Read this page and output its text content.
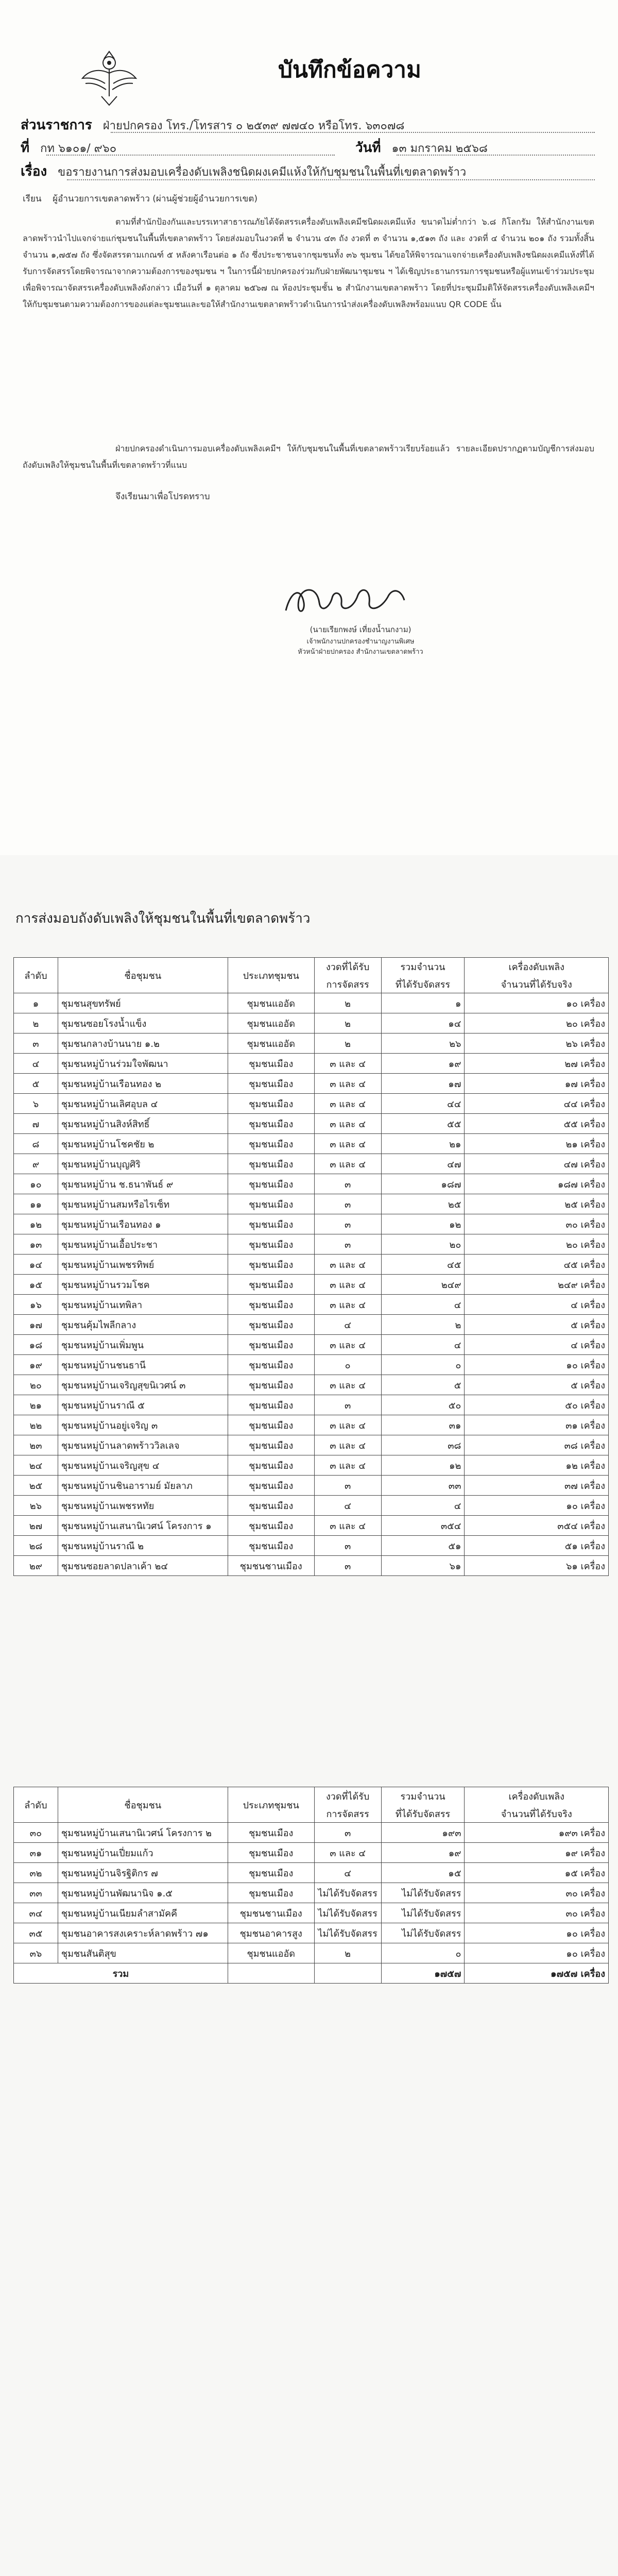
บันทึกข้อความ
ส่วนราชการ ฝ่ายปกครอง โทร./โทรสาร ๐ ๒๕๓๙ ๗๗๔๐ หรือโทร. ๖๓๐๗๘
ที่ กท ๖๑๐๑/ ๙๖๐	วันที่ ๑๓ มกราคม ๒๕๖๘
เรื่อง ขอรายงานการส่งมอบเครื่องดับเพลิงชนิดผงเคมีแห้งให้กับชุมชนในพื้นที่เขตลาดพร้าว
เรียน ผู้อำนวยการเขตลาดพร้าว (ผ่านผู้ช่วยผู้อำนวยการเขต)
ตามที่สำนักป้องกันและบรรเทาสาธารณภัยได้จัดสรรเครื่องดับเพลิงเคมีชนิดผงเคมีแห้ง ขนาดไม่ต่ำกว่า ๖.๘ กิโลกรัม ให้สำนักงานเขตลาดพร้าวนำไปแจกจ่ายแก่ชุมชนในพื้นที่เขตลาดพร้าว โดยส่งมอบในงวดที่ ๒ จำนวน ๔๓ ถัง งวดที่ ๓ จำนวน ๑,๕๑๓ ถัง และ งวดที่ ๔ จำนวน ๒๐๑ ถัง รวมทั้งสิ้น จำนวน ๑,๗๕๗ ถัง ซึ่งจัดสรรตามเกณฑ์ ๕ หลังคาเรือนต่อ ๑ ถัง ซึ่งประชาชนจากชุมชนทั้ง ๓๖ ชุมชน ได้ขอให้พิจารณาแจกจ่ายเครื่องดับเพลิงชนิดผงเคมีแห้งที่ได้รับการจัดสรรโดยพิจารณาจากความต้องการของชุมชน ฯ ในการนี้ฝ่ายปกครองร่วมกับฝ่ายพัฒนาชุมชน ฯ ได้เชิญประธานกรรมการชุมชนหรือผู้แทนเข้าร่วมประชุมเพื่อพิจารณาจัดสรรเครื่องดับเพลิงดังกล่าว เมื่อวันที่ ๑ ตุลาคม ๒๕๖๗ ณ ห้องประชุมชั้น ๒ สำนักงานเขตลาดพร้าว โดยที่ประชุมมีมติให้จัดสรรเครื่องดับเพลิงเคมีฯ ให้กับชุมชนตามความต้องการของแต่ละชุมชนและขอให้สำนักงานเขตลาดพร้าวดำเนินการนำส่งเครื่องดับเพลิงพร้อมแนบ QR CODE นั้น
ฝ่ายปกครองดำเนินการมอบเครื่องดับเพลิงเคมีฯ ให้กับชุมชนในพื้นที่เขตลาดพร้าวเรียบร้อยแล้ว รายละเอียดปรากฏตามบัญชีการส่งมอบถังดับเพลิงให้ชุมชนในพื้นที่เขตลาดพร้าวที่แนบ
จึงเรียนมาเพื่อโปรดทราบ
(นายเรียกพงษ์ เที่ยงน้ำนกงาม)
เจ้าพนักงานปกครองชำนาญงานพิเศษ
หัวหน้าฝ่ายปกครอง สำนักงานเขตลาดพร้าว
การส่งมอบถังดับเพลิงให้ชุมชนในพื้นที่เขตลาดพร้าว
ลำดับ	ชื่อชุมชน	ประเภทชุมชน	งวดที่ได้รับ	รวมจำนวน	เครื่องดับเพลิง
			การจัดสรร	ที่ได้รับจัดสรร	จำนวนที่ได้รับจริง
๑	ชุมชนสุขทรัพย์	ชุมชนแออัด	๒	๑	๑๐ เครื่อง
๒	ชุมชนซอยโรงน้ำแข็ง	ชุมชนแออัด	๒	๑๔	๒๐ เครื่อง
๓	ชุมชนกลางบ้านนาย ๑.๒	ชุมชนแออัด	๒	๒๖	๒๖ เครื่อง
๔	ชุมชนหมู่บ้านร่วมใจพัฒนา	ชุมชนเมือง	๓ และ ๔	๑๙	๒๗ เครื่อง
๕	ชุมชนหมู่บ้านเรือนทอง ๒	ชุมชนเมือง	๓ และ ๔	๑๗	๑๗ เครื่อง
๖	ชุมชนหมู่บ้านเลิศอุบล ๔	ชุมชนเมือง	๓ และ ๔	๔๔	๔๔ เครื่อง
๗	ชุมชนหมู่บ้านสิงห์สิทธิ์	ชุมชนเมือง	๓ และ ๔	๕๕	๕๕ เครื่อง
๘	ชุมชนหมู่บ้านโชคชัย ๒	ชุมชนเมือง	๓ และ ๔	๒๑	๒๑ เครื่อง
๙	ชุมชนหมู่บ้านบุญศิริ	ชุมชนเมือง	๓ และ ๔	๔๗	๔๗ เครื่อง
๑๐	ชุมชนหมู่บ้าน ช.ธนาพันธ์ ๙	ชุมชนเมือง	๓	๑๘๗	๑๘๗ เครื่อง
๑๑	ชุมชนหมู่บ้านสมหรือไรเซ็ท	ชุมชนเมือง	๓	๒๕	๒๕ เครื่อง
๑๒	ชุมชนหมู่บ้านเรือนทอง ๑	ชุมชนเมือง	๓	๑๒	๓๐ เครื่อง
๑๓	ชุมชนหมู่บ้านเอื้อประชา	ชุมชนเมือง	๓	๒๐	๒๐ เครื่อง
๑๔	ชุมชนหมู่บ้านเพชรทิพย์	ชุมชนเมือง	๓ และ ๔	๔๕	๔๕ เครื่อง
๑๕	ชุมชนหมู่บ้านรวมโชค	ชุมชนเมือง	๓ และ ๔	๒๔๙	๒๔๙ เครื่อง
๑๖	ชุมชนหมู่บ้านเทพิลา	ชุมชนเมือง	๓ และ ๔	๔	๔ เครื่อง
๑๗	ชุมชนคุ้มไพลีกลาง	ชุมชนเมือง	๔	๒	๕ เครื่อง
๑๘	ชุมชนหมู่บ้านเพิ่มพูน	ชุมชนเมือง	๓ และ ๔	๔	๔ เครื่อง
๑๙	ชุมชนหมู่บ้านชนธานี	ชุมชนเมือง	๐	๐	๑๐ เครื่อง
๒๐	ชุมชนหมู่บ้านเจริญสุขนิเวศน์ ๓	ชุมชนเมือง	๓ และ ๔	๕	๕ เครื่อง
๒๑	ชุมชนหมู่บ้านราณี ๕	ชุมชนเมือง	๓	๕๐	๕๐ เครื่อง
๒๒	ชุมชนหมู่บ้านอยู่เจริญ ๓	ชุมชนเมือง	๓ และ ๔	๓๑	๓๑ เครื่อง
๒๓	ชุมชนหมู่บ้านลาดพร้าววิลเลจ	ชุมชนเมือง	๓ และ ๔	๓๘	๓๘ เครื่อง
๒๔	ชุมชนหมู่บ้านเจริญสุข ๔	ชุมชนเมือง	๓ และ ๔	๑๒	๑๒ เครื่อง
๒๕	ชุมชนหมู่บ้านชินอารามย์ มัยลาภ	ชุมชนเมือง	๓	๓๓	๓๗ เครื่อง
๒๖	ชุมชนหมู่บ้านเพชรหทัย	ชุมชนเมือง	๔	๔	๑๐ เครื่อง
๒๗	ชุมชนหมู่บ้านเสนานิเวศน์ โครงการ ๑	ชุมชนเมือง	๓ และ ๔	๓๕๔	๓๕๔ เครื่อง
๒๘	ชุมชนหมู่บ้านราณี ๒	ชุมชนเมือง	๓	๕๑	๕๑ เครื่อง
๒๙	ชุมชนซอยลาดปลาเค้า ๒๔	ชุมชนชานเมือง	๓	๖๑	๖๑ เครื่อง
ลำดับ	ชื่อชุมชน	ประเภทชุมชน	งวดที่ได้รับ	รวมจำนวน	เครื่องดับเพลิง
			การจัดสรร	ที่ได้รับจัดสรร	จำนวนที่ได้รับจริง
๓๐	ชุมชนหมู่บ้านเสนานิเวศน์ โครงการ ๒	ชุมชนเมือง	๓	๑๙๓	๑๙๓ เครื่อง
๓๑	ชุมชนหมู่บ้านเปี่ยมแก้ว	ชุมชนเมือง	๓ และ ๔	๑๙	๑๙ เครื่อง
๓๒	ชุมชนหมู่บ้านจิรฐิติกร ๗	ชุมชนเมือง	๔	๑๕	๑๕ เครื่อง
๓๓	ชุมชนหมู่บ้านพัฒนานิจ ๑.๕	ชุมชนเมือง	ไม่ได้รับจัดสรร	ไม่ได้รับจัดสรร	๓๐ เครื่อง
๓๔	ชุมชนหมู่บ้านเนียมลำสามัคคี	ชุมชนชานเมือง	ไม่ได้รับจัดสรร	ไม่ได้รับจัดสรร	๓๐ เครื่อง
๓๕	ชุมชนอาคารสงเคราะห์ลาดพร้าว ๗๑	ชุมชนอาคารสูง	ไม่ได้รับจัดสรร	ไม่ได้รับจัดสรร	๑๐ เครื่อง
๓๖	ชุมชนสันติสุข	ชุมชนแออัด	๒	๐	๑๐ เครื่อง
รวม				๑๗๕๗	๑๗๕๗ เครื่อง
